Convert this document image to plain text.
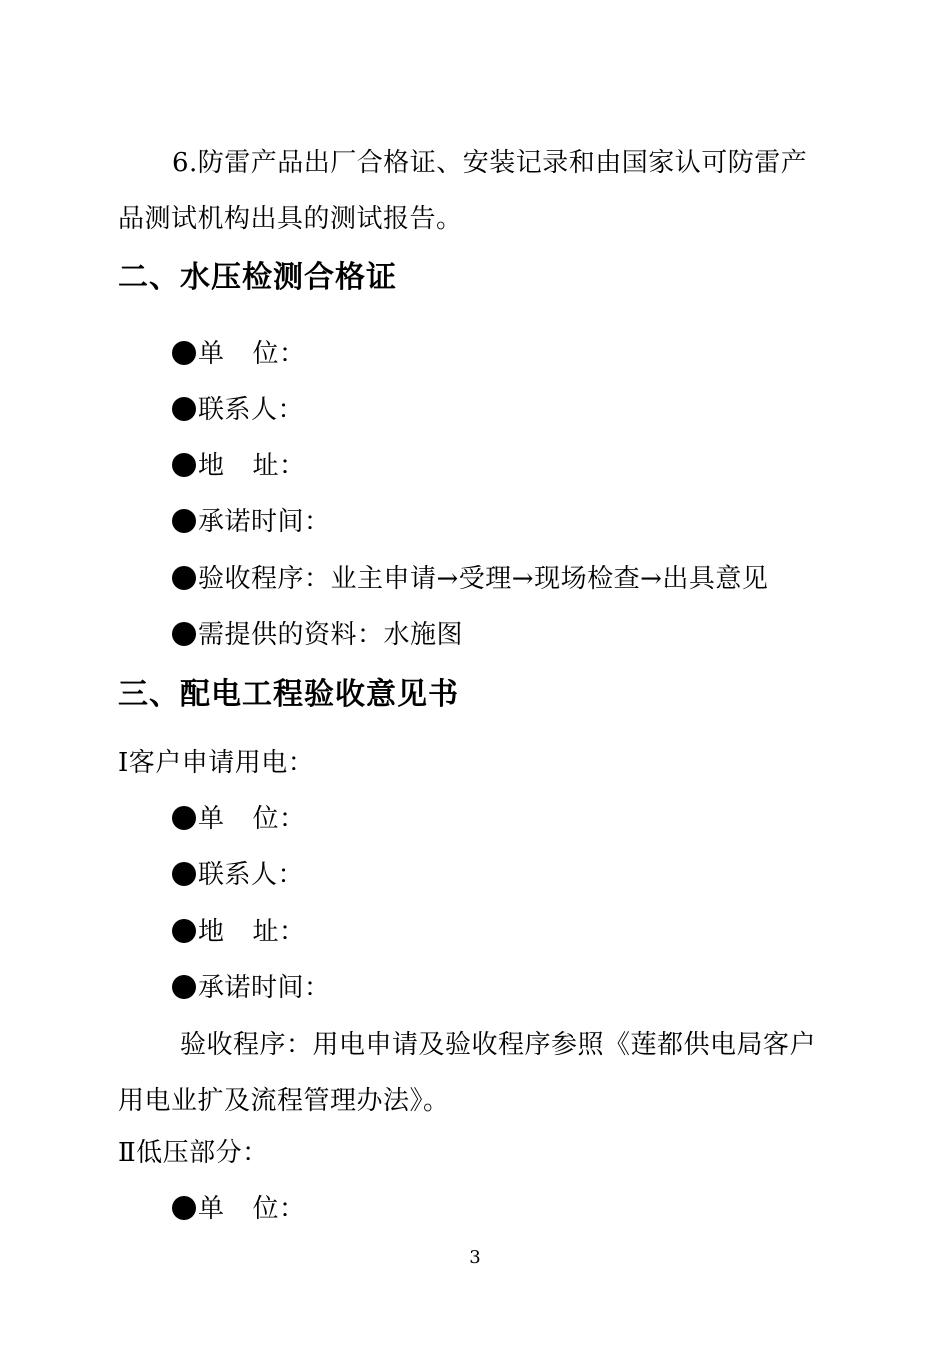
6.防雷产品出厂合格证、安装记录和由国家认可防雷产
品测试机构出具的测试报告。
二、水压检测合格证
单 位：
联系人：
地 址：
承诺时间：
验收程序：业主申请→受理→现场检查→出具意见
需提供的资料：水施图
三、配电工程验收意见书
Ⅰ客户申请用电：
单 位：
联系人：
地 址：
承诺时间：
验收程序：用电申请及验收程序参照《莲都供电局客户
用电业扩及流程管理办法》。
Ⅱ低压部分：
单 位：
3
